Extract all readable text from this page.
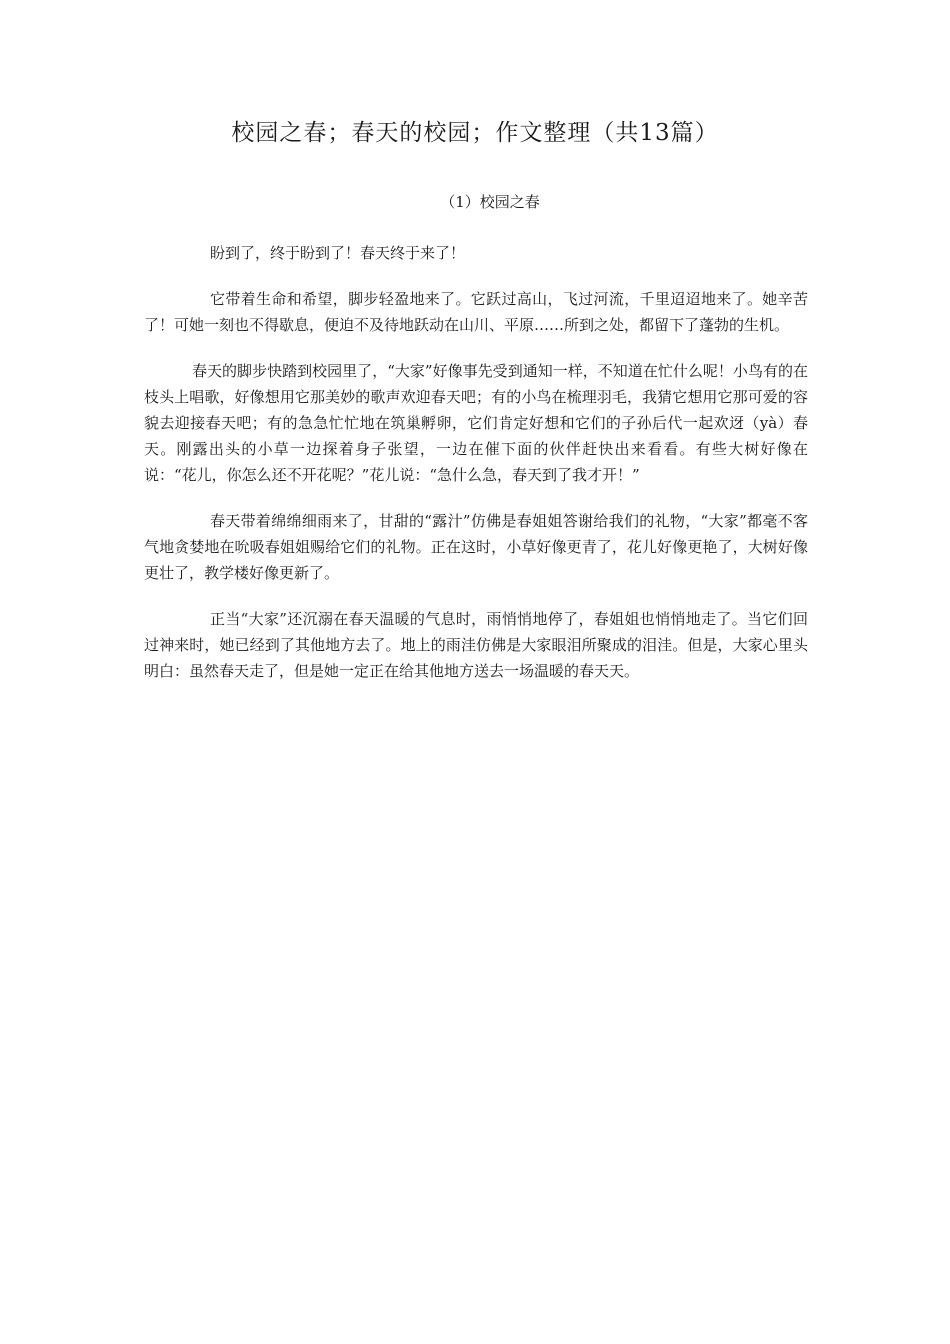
校园之春；春天的校园；作文整理（共13篇）
（1）校园之春

盼到了，终于盼到了！春天终于来了！

它带着生命和希望，脚步轻盈地来了。它跃过高山，飞过河流，千里迢迢地来了。她辛苦了！可她一刻也不得歇息，便迫不及待地跃动在山川、平原……所到之处，都留下了蓬勃的生机。

春天的脚步快踏到校园里了，“大家”好像事先受到通知一样，不知道在忙什么呢！小鸟有的在枝头上唱歌，好像想用它那美妙的歌声欢迎春天吧；有的小鸟在梳理羽毛，我猜它想用它那可爱的容貌去迎接春天吧；有的急急忙忙地在筑巢孵卵，它们肯定好想和它们的子孙后代一起欢迓（yà）春天。刚露出头的小草一边探着身子张望，一边在催下面的伙伴赶快出来看看。有些大树好像在说：“花儿，你怎么还不开花呢？”花儿说：“急什么急，春天到了我才开！”

春天带着绵绵细雨来了，甘甜的“露汁”仿佛是春姐姐答谢给我们的礼物，“大家”都毫不客气地贪婪地在吮吸春姐姐赐给它们的礼物。正在这时，小草好像更青了，花儿好像更艳了，大树好像更壮了，教学楼好像更新了。

正当“大家”还沉溺在春天温暖的气息时，雨悄悄地停了，春姐姐也悄悄地走了。当它们回过神来时，她已经到了其他地方去了。地上的雨洼仿佛是大家眼泪所聚成的泪洼。但是，大家心里头明白：虽然春天走了，但是她一定正在给其他地方送去一场温暖的春天天。
